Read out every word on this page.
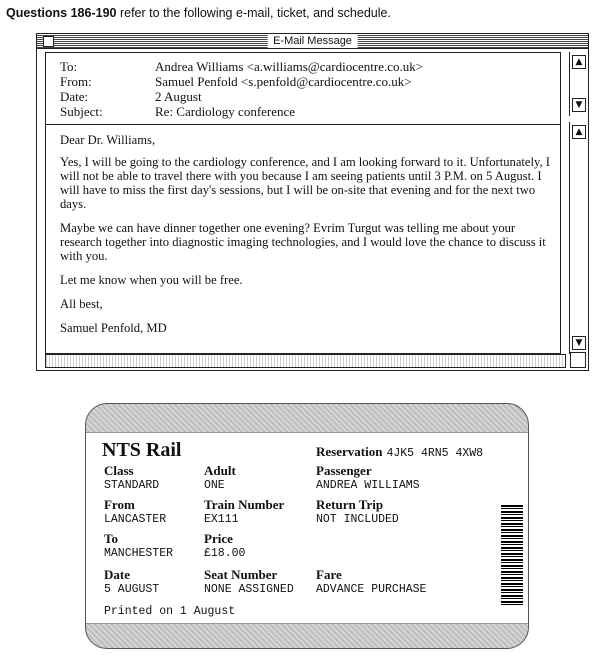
Questions 186-190 refer to the following e-mail, ticket, and schedule.
E-Mail Message
To:	Andrea Williams <a.williams@cardiocentre.co.uk>
From:	Samuel Penfold <s.penfold@cardiocentre.co.uk>
Date:	2 August
Subject:	Re: Cardiology conference
▲
▼

Dear Dr. Williams,

Yes, I will be going to the cardiology conference, and I am looking forward to it. Unfortunately, I will not be able to travel there with you because I am seeing patients until 3 P.M. on 5 August. I will have to miss the first day's sessions, but I will be on-site that evening and for the next two days.

Maybe we can have dinner together one evening? Evrim Turgut was telling me about your research together into diagnostic imaging technologies, and I would love the chance to discuss it with you.

Let me know when you will be free.

All best,

Samuel Penfold, MD

▲
▼
NTS Rail	Reservation 4JK5 4RN5 4XW8
Class
STANDARD
Adult
ONE
Passenger
ANDREA WILLIAMS
From
LANCASTER
Train Number
EX111
Return Trip
NOT INCLUDED
To
MANCHESTER
Price
£18.00
Date
5 AUGUST
Seat Number
NONE ASSIGNED
Fare
ADVANCE PURCHASE
Printed on 1 August
